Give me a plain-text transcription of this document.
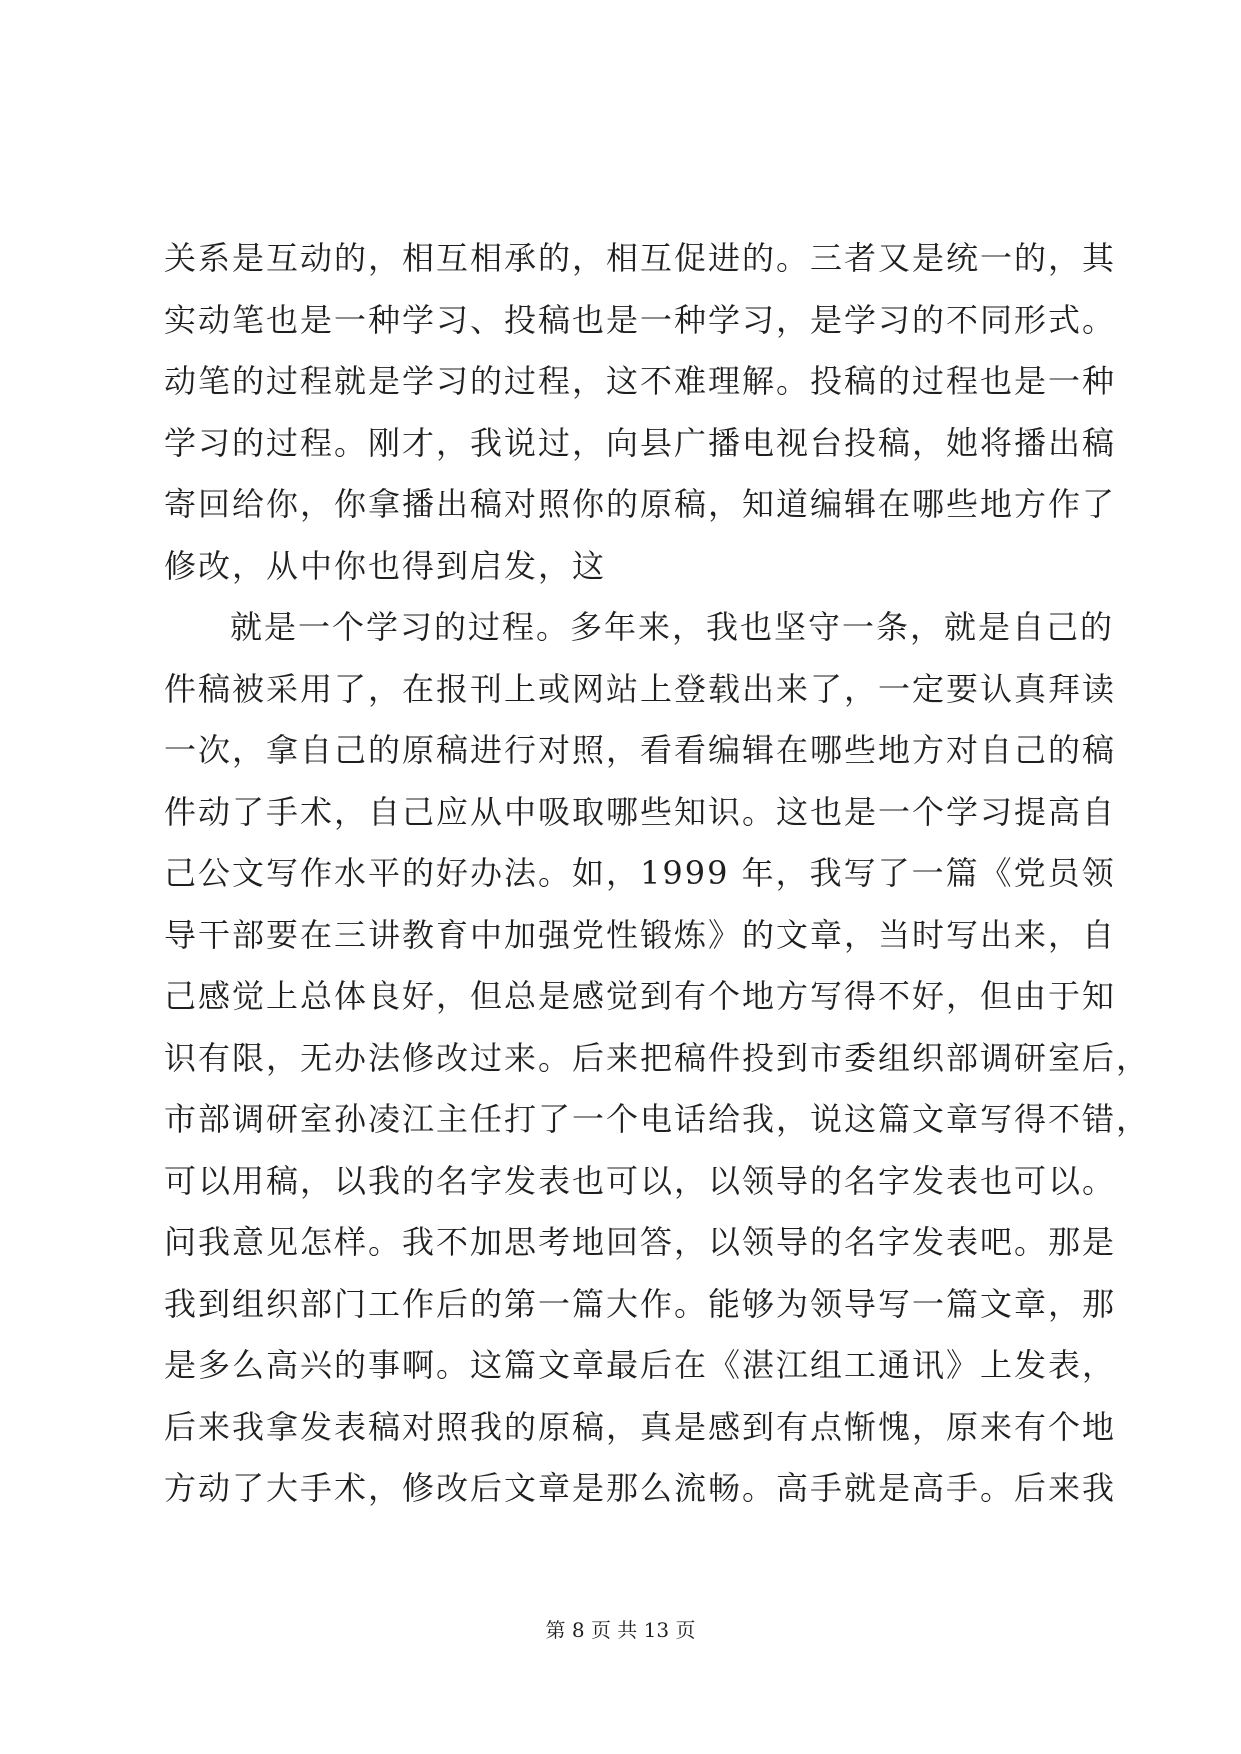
关系是互动的，相互相承的，相互促进的。三者又是统一的，其
实动笔也是一种学习、投稿也是一种学习，是学习的不同形式。
动笔的过程就是学习的过程，这不难理解。投稿的过程也是一种
学习的过程。刚才，我说过，向县广播电视台投稿，她将播出稿
寄回给你，你拿播出稿对照你的原稿，知道编辑在哪些地方作了
修改，从中你也得到启发，这
就是一个学习的过程。多年来，我也坚守一条，就是自己的
件稿被采用了，在报刊上或网站上登载出来了，一定要认真拜读
一次，拿自己的原稿进行对照，看看编辑在哪些地方对自己的稿
件动了手术，自己应从中吸取哪些知识。这也是一个学习提高自
己公文写作水平的好办法。如，1999 年，我写了一篇《党员领
导干部要在三讲教育中加强党性锻炼》的文章，当时写出来，自
己感觉上总体良好，但总是感觉到有个地方写得不好，但由于知
识有限，无办法修改过来。后来把稿件投到市委组织部调研室后，
市部调研室孙凌江主任打了一个电话给我，说这篇文章写得不错，
可以用稿，以我的名字发表也可以，以领导的名字发表也可以。
问我意见怎样。我不加思考地回答，以领导的名字发表吧。那是
我到组织部门工作后的第一篇大作。能够为领导写一篇文章，那
是多么高兴的事啊。这篇文章最后在《湛江组工通讯》上发表，
后来我拿发表稿对照我的原稿，真是感到有点惭愧，原来有个地
方动了大手术，修改后文章是那么流畅。高手就是高手。后来我
第 8 页 共 13 页
